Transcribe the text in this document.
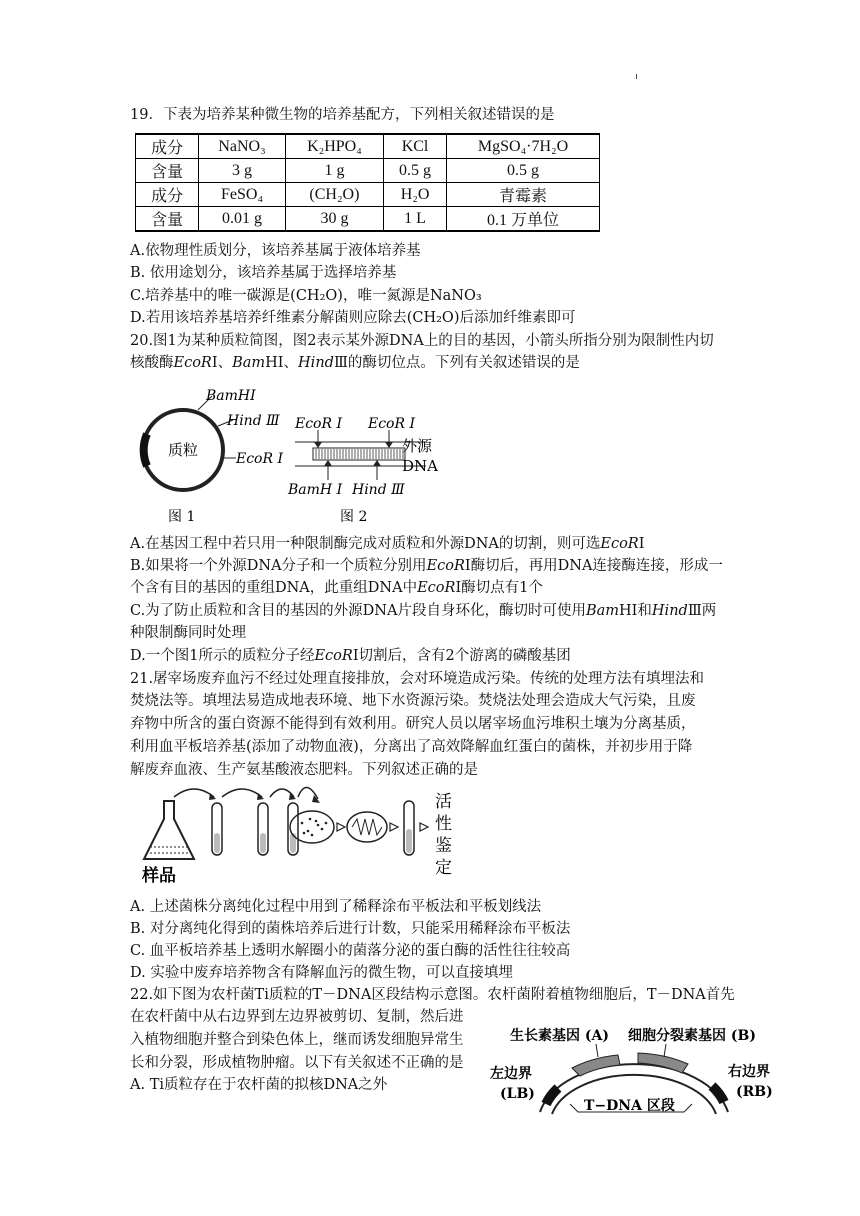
19．下表为培养某种微生物的培养基配方，下列相关叙述错误的是
成分	NaNO₃	K₂HPO₄	KCl	MgSO₄·7H₂O
含量	3 g	1 g	0.5 g	0.5 g
成分	FeSO₄	(CH₂O)	H₂O	青霉素
含量	0.01 g	30 g	1 L	0.1 万单位
A.依物理性质划分，该培养基属于液体培养基
B. 依用途划分，该培养基属于选择培养基
C.培养基中的唯一碳源是(CH₂O)，唯一氮源是NaNO₃
D.若用该培养基培养纤维素分解菌则应除去(CH₂O)后添加纤维素即可
20.图1为某种质粒简图，图2表示某外源DNA上的目的基因，小箭头所指分别为限制性内切
核酸酶EcoRⅠ、BamHⅠ、HindⅢ的酶切位点。下列有关叙述错误的是
BamHⅠ
Hind Ⅲ
EcoR Ⅰ
质粒
图 1
EcoR Ⅰ EcoR Ⅰ
BamH Ⅰ Hind Ⅲ
外源
DNA
图 2
A.在基因工程中若只用一种限制酶完成对质粒和外源DNA的切割，则可选EcoRⅠ
B.如果将一个外源DNA分子和一个质粒分别用EcoRⅠ酶切后，再用DNA连接酶连接，形成一
个含有目的基因的重组DNA，此重组DNA中EcoRⅠ酶切点有1个
C.为了防止质粒和含目的基因的外源DNA片段自身环化，酶切时可使用BamHⅠ和HindⅢ两
种限制酶同时处理
D.一个图1所示的质粒分子经EcoRⅠ切割后，含有2个游离的磷酸基团
21.屠宰场废弃血污不经过处理直接排放，会对环境造成污染。传统的处理方法有填埋法和
焚烧法等。填埋法易造成地表环境、地下水资源污染。焚烧法处理会造成大气污染，且废
弃物中所含的蛋白资源不能得到有效利用。研究人员以屠宰场血污堆积土壤为分离基质，
利用血平板培养基(添加了动物血液)，分离出了高效降解血红蛋白的菌株，并初步用于降
解废弃血液、生产氨基酸液态肥料。下列叙述正确的是
样品
活
性
鉴
定
A. 上述菌株分离纯化过程中用到了稀释涂布平板法和平板划线法
B. 对分离纯化得到的菌株培养后进行计数，只能采用稀释涂布平板法
C. 血平板培养基上透明水解圈小的菌落分泌的蛋白酶的活性往往较高
D. 实验中废弃培养物含有降解血污的微生物，可以直接填埋
22.如下图为农杆菌Ti质粒的T－DNA区段结构示意图。农杆菌附着植物细胞后，T－DNA首先
在农杆菌中从右边界到左边界被剪切、复制，然后进
入植物细胞并整合到染色体上，继而诱发细胞异常生
长和分裂，形成植物肿瘤。以下有关叙述不正确的是
A. Ti质粒存在于农杆菌的拟核DNA之外
生长素基因 (A) 细胞分裂素基因 (B)
左边界
(LB)
右边界
(RB)
T−DNA 区段
